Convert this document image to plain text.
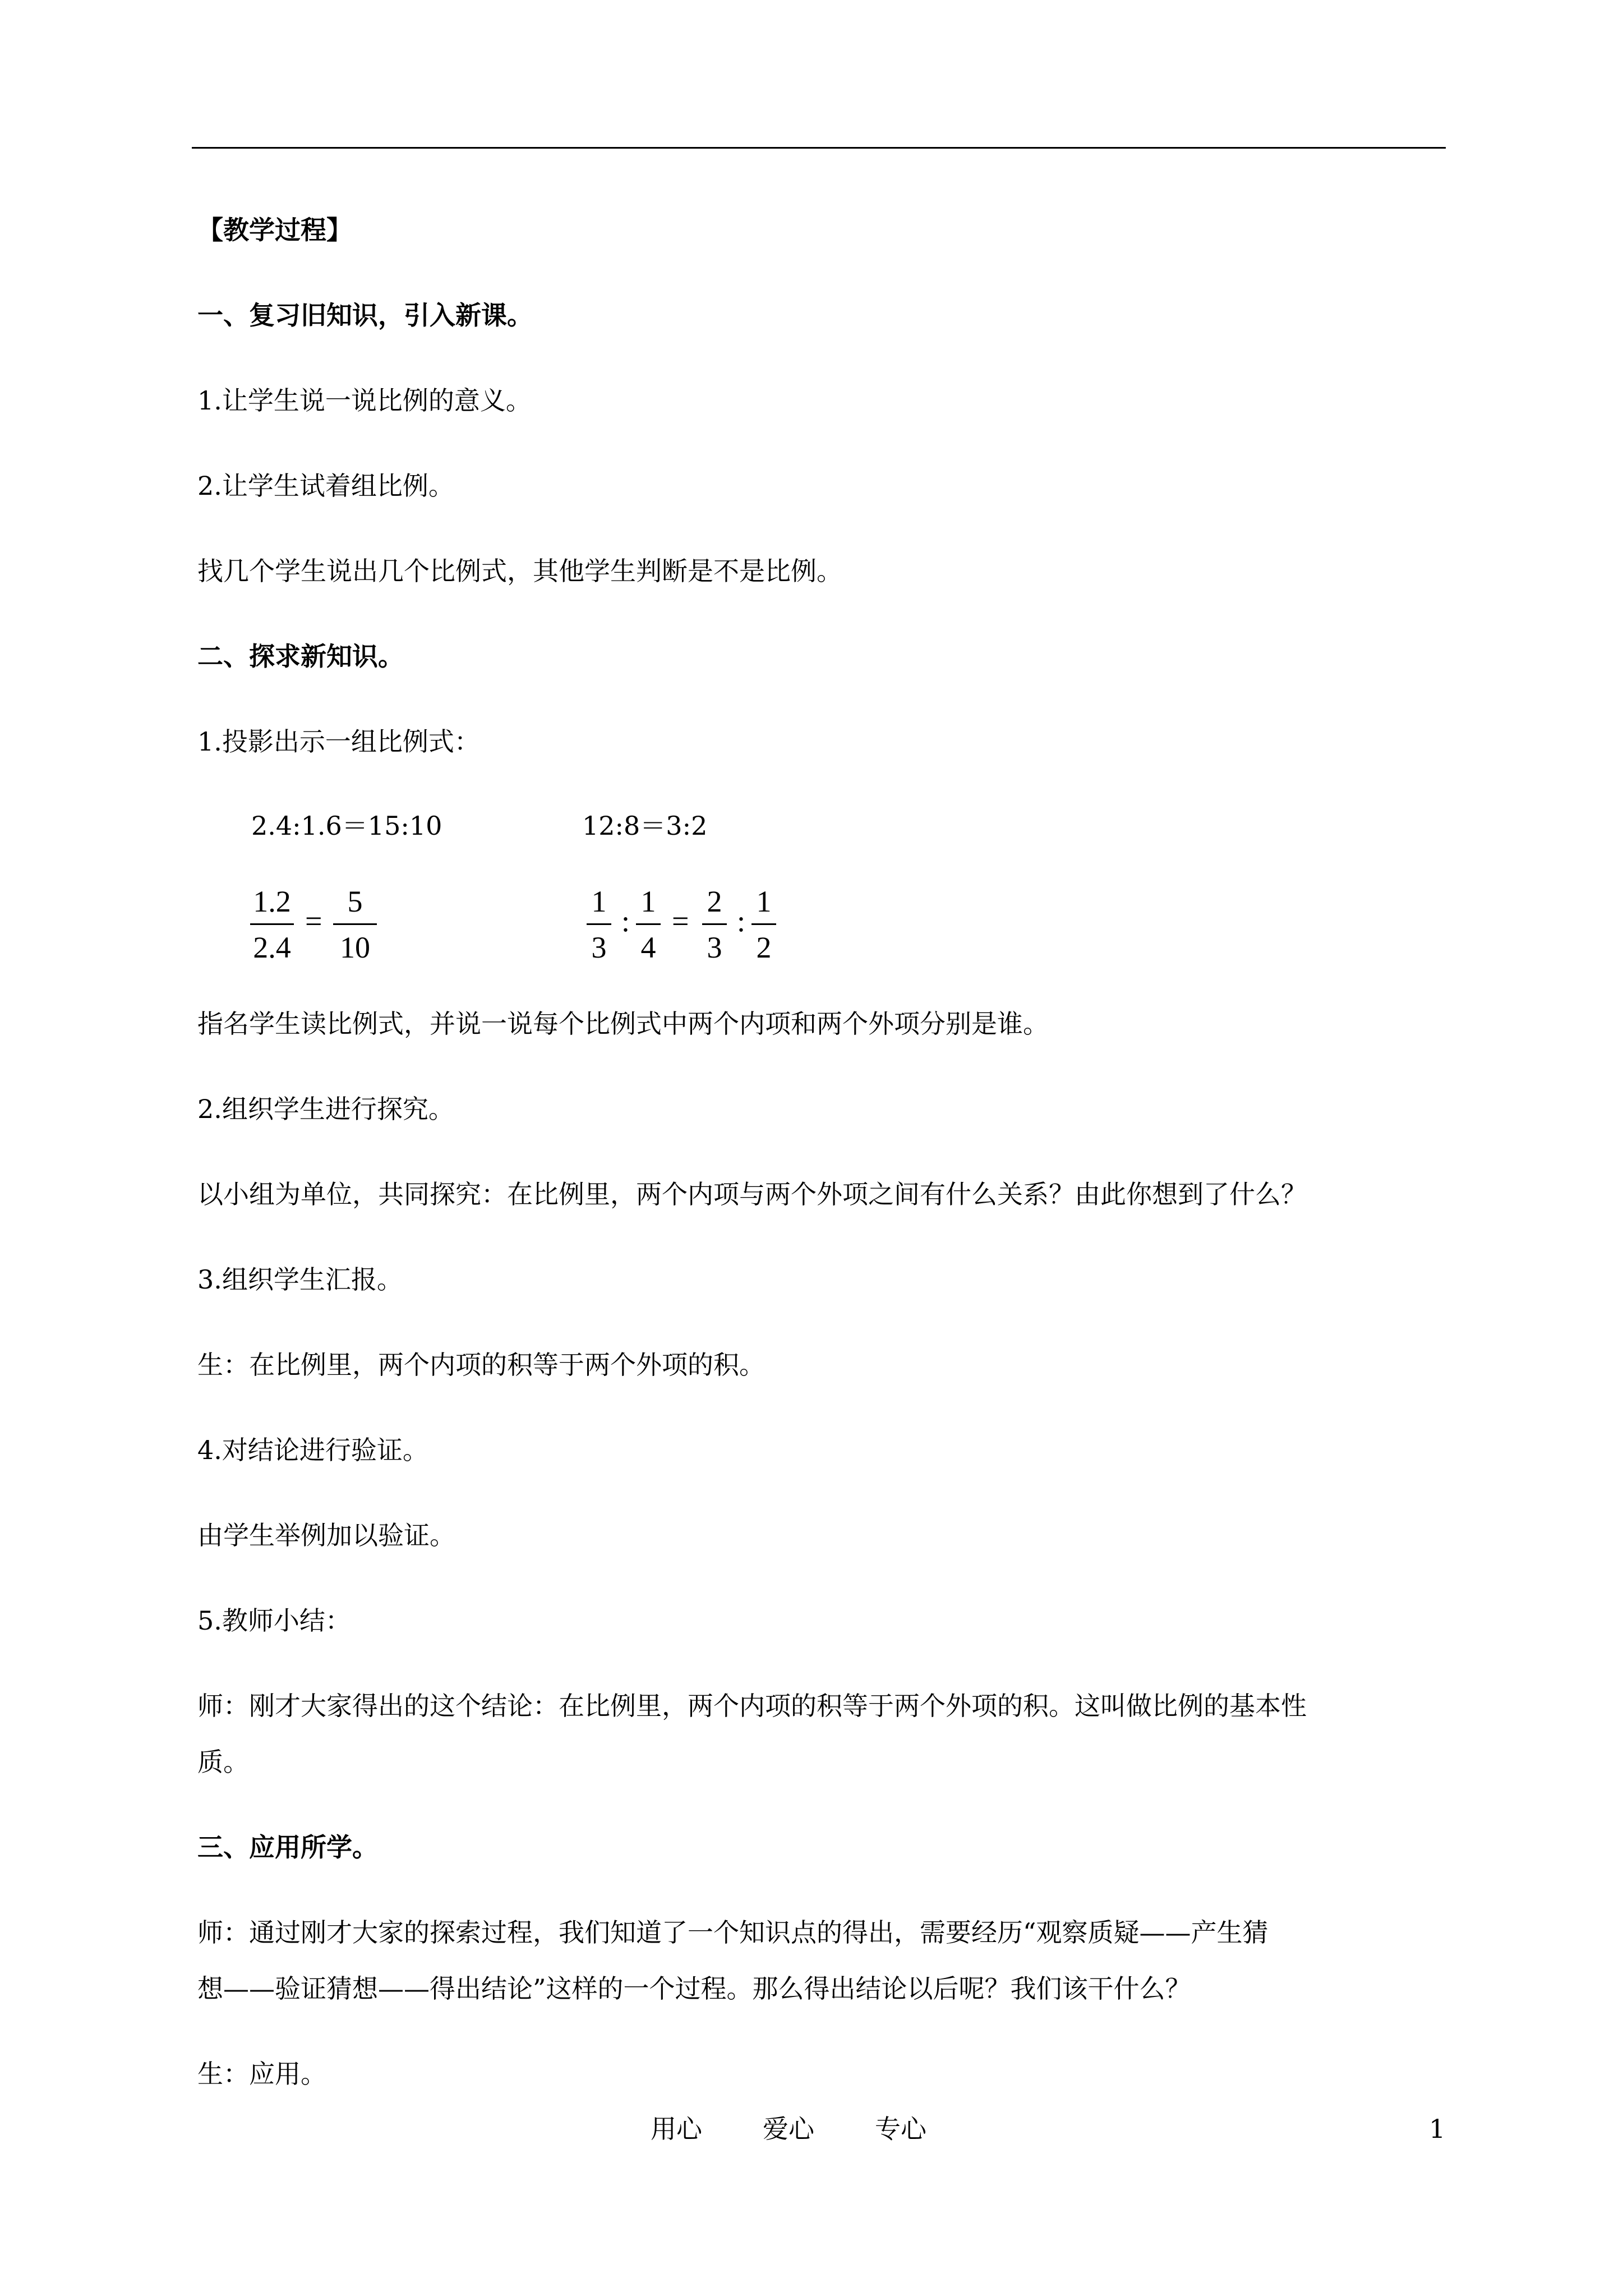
【教学过程】
一、复习旧知识，引入新课。
1.让学生说一说比例的意义。
2.让学生试着组比例。
找几个学生说出几个比例式，其他学生判断是不是比例。
二、探求新知识。
1.投影出示一组比例式：
2.4:1.6＝15:10	12:8＝3:2
1.2
2.4
=
5
10
1
3
:
1
4
=
2
3
:
1
2
指名学生读比例式，并说一说每个比例式中两个内项和两个外项分别是谁。
2.组织学生进行探究。
以小组为单位，共同探究：在比例里，两个内项与两个外项之间有什么关系？由此你想到了什么？
3.组织学生汇报。
生：在比例里，两个内项的积等于两个外项的积。
4.对结论进行验证。
由学生举例加以验证。
5.教师小结：
师：刚才大家得出的这个结论：在比例里，两个内项的积等于两个外项的积。这叫做比例的基本性
质。
三、应用所学。
师：通过刚才大家的探索过程，我们知道了一个知识点的得出，需要经历“观察质疑——产生猜
想——验证猜想——得出结论”这样的一个过程。那么得出结论以后呢？我们该干什么？
生：应用。
用心 爱心 专心	1
